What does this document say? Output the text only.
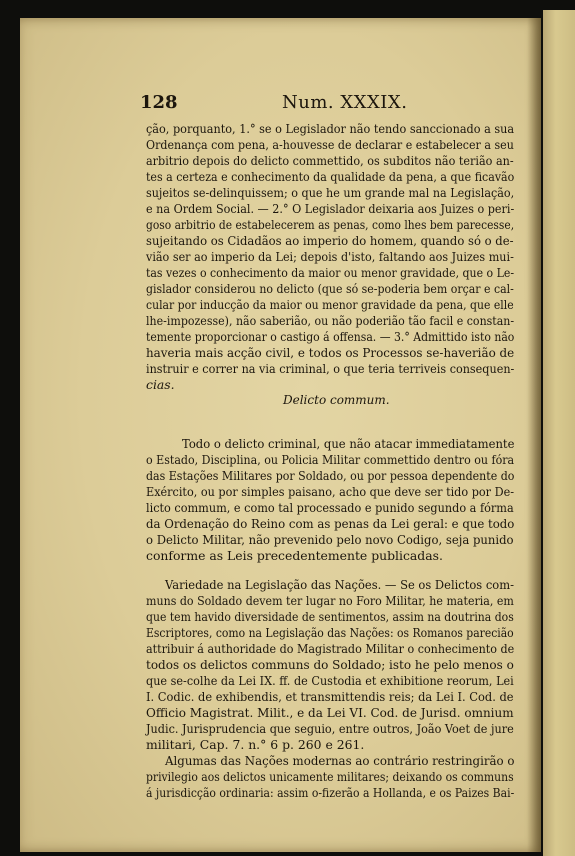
128	Num. XXXIX.
ção, porquanto, 1.° se o Legislador não tendo sanccionado a sua
Ordenança com pena, a-houvesse de declarar e estabelecer a seu
arbitrio depois do delicto commettido, os subditos não terião an-
tes a certeza e conhecimento da qualidade da pena, a que ficavão
sujeitos se-delinquissem; o que he um grande mal na Legislação,
e na Ordem Social. — 2.° O Legislador deixaria aos Juizes o peri-
goso arbitrio de estabelecerem as penas, como lhes bem parecesse,
sujeitando os Cidadãos ao imperio do homem, quando só o de-
vião ser ao imperio da Lei; depois d'isto, faltando aos Juizes mui-
tas vezes o conhecimento da maior ou menor gravidade, que o Le-
gislador considerou no delicto (que só se-poderia bem orçar e cal-
cular por inducção da maior ou menor gravidade da pena, que elle
lhe-impozesse), não saberião, ou não poderião tão facil e constan-
temente proporcionar o castigo á offensa. — 3.° Admittido isto não
haveria mais acção civil, e todos os Processos se-haverião de
instruir e correr na via criminal, o que teria terriveis consequen-
cias.
Delicto commum.
Todo o delicto criminal, que não atacar immediatamente
o Estado, Disciplina, ou Policia Militar commettido dentro ou fóra
das Estações Militares por Soldado, ou por pessoa dependente do
Exército, ou por simples paisano, acho que deve ser tido por De-
licto commum, e como tal processado e punido segundo a fórma
da Ordenação do Reino com as penas da Lei geral: e que todo
o Delicto Militar, não prevenido pelo novo Codigo, seja punido
conforme as Leis precedentemente publicadas.
Variedade na Legislação das Nações. — Se os Delictos com-
muns do Soldado devem ter lugar no Foro Militar, he materia, em
que tem havido diversidade de sentimentos, assim na doutrina dos
Escriptores, como na Legislação das Nações: os Romanos parecião
attribuir á authoridade do Magistrado Militar o conhecimento de
todos os delictos communs do Soldado; isto he pelo menos o
que se-colhe da Lei IX. ff. de Custodia et exhibitione reorum, Lei
I. Codic. de exhibendis, et transmittendis reis; da Lei I. Cod. de
Officio Magistrat. Milit., e da Lei VI. Cod. de Jurisd. omnium
Judic. Jurisprudencia que seguio, entre outros, João Voet de jure
militari, Cap. 7. n.° 6 p. 260 e 261.
Algumas das Nações modernas ao contrário restringirão o
privilegio aos delictos unicamente militares; deixando os communs
á jurisdicção ordinaria: assim o-fizerão a Hollanda, e os Paizes Bai-
